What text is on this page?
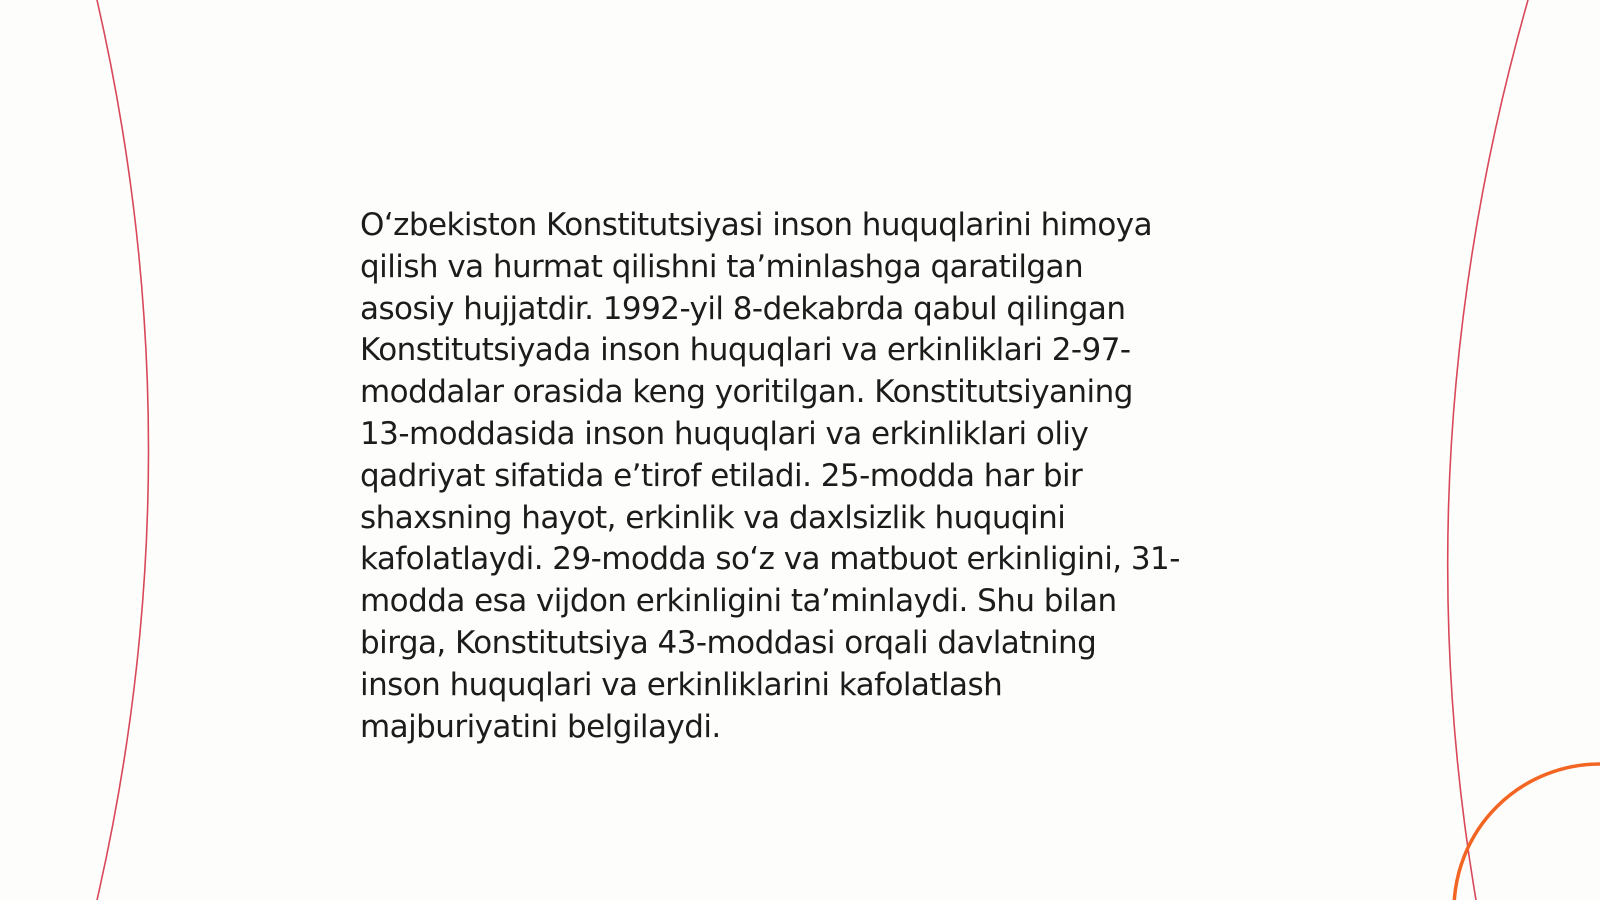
O‘zbekiston Konstitutsiyasi inson huquqlarini himoya
qilish va hurmat qilishni ta’minlashga qaratilgan
asosiy hujjatdir. 1992-yil 8-dekabrda qabul qilingan
Konstitutsiyada inson huquqlari va erkinliklari 2-97-
moddalar orasida keng yoritilgan. Konstitutsiyaning
13-moddasida inson huquqlari va erkinliklari oliy
qadriyat sifatida e’tirof etiladi. 25-modda har bir
shaxsning hayot, erkinlik va daxlsizlik huquqini
kafolatlaydi. 29-modda so‘z va matbuot erkinligini, 31-
modda esa vijdon erkinligini ta’minlaydi. Shu bilan
birga, Konstitutsiya 43-moddasi orqali davlatning
inson huquqlari va erkinliklarini kafolatlash
majburiyatini belgilaydi.
